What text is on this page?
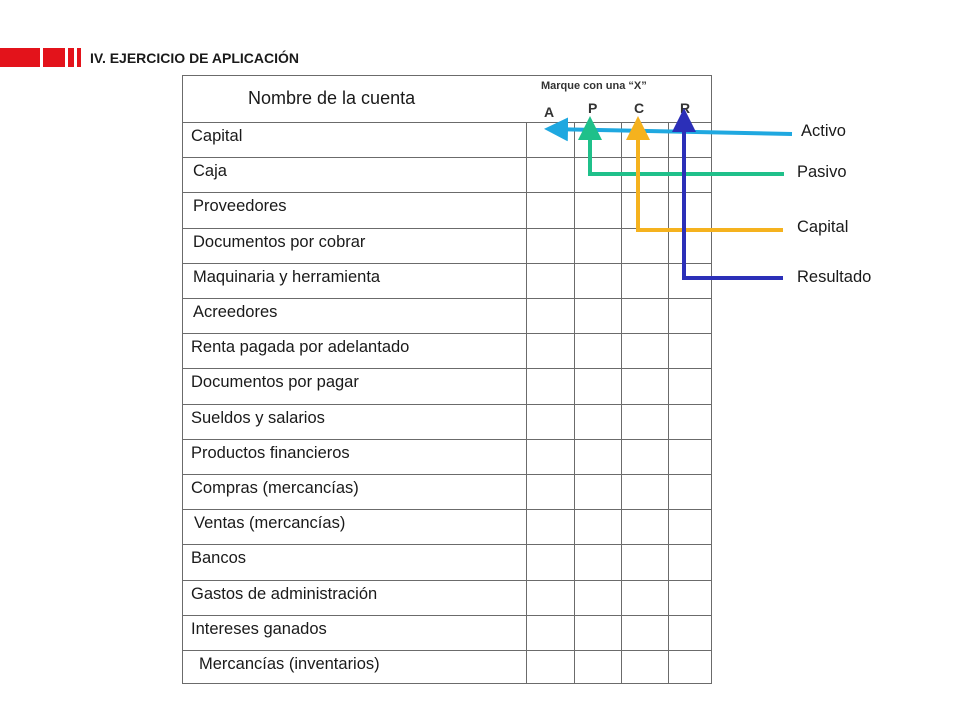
IV. EJERCICIO DE APLICACIÓN
Nombre de la cuenta
Marque con una “X”
A P	C	R
Capital
Caja
Proveedores
Documentos por cobrar
Maquinaria y herramienta
Acreedores
Renta pagada por adelantado
Documentos por pagar
Sueldos y salarios
Productos financieros
Compras (mercancías)
Ventas (mercancías)
Bancos
Gastos de administración
Intereses ganados
Mercancías (inventarios)
Activo
Pasivo
Capital
Resultado
